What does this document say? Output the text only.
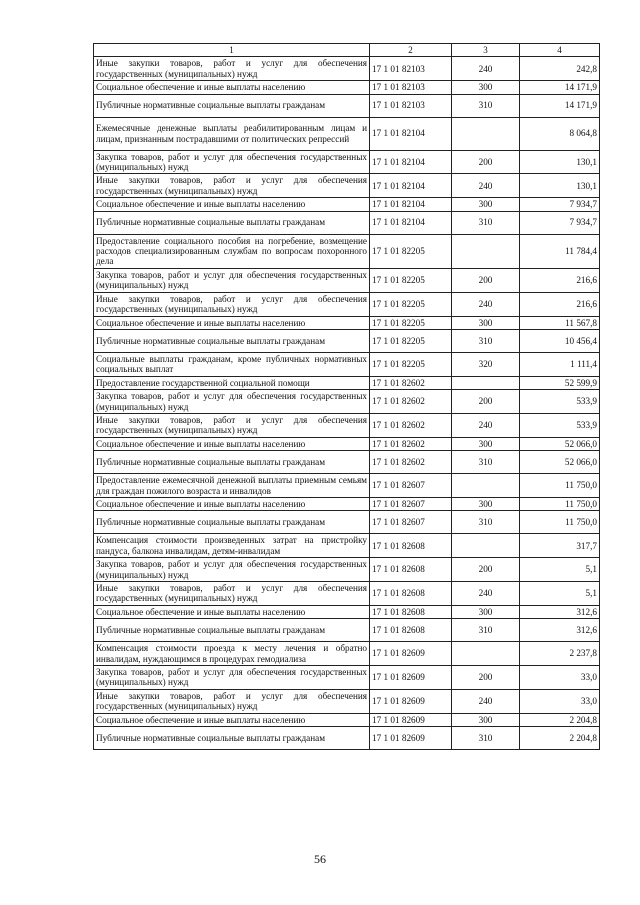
1	2	3	4
Иные закупки товаров, работ и услуг для обеспечения государственных (муниципальных) нужд	17 1 01 82103	240	242,8
Социальное обеспечение и иные выплаты населению	17 1 01 82103	300	14 171,9
Публичные нормативные социальные выплаты гражданам	17 1 01 82103	310	14 171,9
Ежемесячные денежные выплаты реабилитированным лицам и лицам, признанным пострадавшими от политических репрессий	17 1 01 82104		8 064,8
Закупка товаров, работ и услуг для обеспечения государственных (муниципальных) нужд	17 1 01 82104	200	130,1
Иные закупки товаров, работ и услуг для обеспечения государственных (муниципальных) нужд	17 1 01 82104	240	130,1
Социальное обеспечение и иные выплаты населению	17 1 01 82104	300	7 934,7
Публичные нормативные социальные выплаты гражданам	17 1 01 82104	310	7 934,7
Предоставление социального пособия на погребение, возмещение расходов специализированным службам по вопросам похоронного дела	17 1 01 82205		11 784,4
Закупка товаров, работ и услуг для обеспечения государственных (муниципальных) нужд	17 1 01 82205	200	216,6
Иные закупки товаров, работ и услуг для обеспечения государственных (муниципальных) нужд	17 1 01 82205	240	216,6
Социальное обеспечение и иные выплаты населению	17 1 01 82205	300	11 567,8
Публичные нормативные социальные выплаты гражданам	17 1 01 82205	310	10 456,4
Социальные выплаты гражданам, кроме публичных нормативных социальных выплат	17 1 01 82205	320	1 111,4
Предоставление государственной социальной помощи	17 1 01 82602		52 599,9
Закупка товаров, работ и услуг для обеспечения государственных (муниципальных) нужд	17 1 01 82602	200	533,9
Иные закупки товаров, работ и услуг для обеспечения государственных (муниципальных) нужд	17 1 01 82602	240	533,9
Социальное обеспечение и иные выплаты населению	17 1 01 82602	300	52 066,0
Публичные нормативные социальные выплаты гражданам	17 1 01 82602	310	52 066,0
Предоставление ежемесячной денежной выплаты приемным семьям для граждан пожилого возраста и инвалидов	17 1 01 82607		11 750,0
Социальное обеспечение и иные выплаты населению	17 1 01 82607	300	11 750,0
Публичные нормативные социальные выплаты гражданам	17 1 01 82607	310	11 750,0
Компенсация стоимости произведенных затрат на пристройку пандуса, балкона инвалидам, детям-инвалидам	17 1 01 82608		317,7
Закупка товаров, работ и услуг для обеспечения государственных (муниципальных) нужд	17 1 01 82608	200	5,1
Иные закупки товаров, работ и услуг для обеспечения государственных (муниципальных) нужд	17 1 01 82608	240	5,1
Социальное обеспечение и иные выплаты населению	17 1 01 82608	300	312,6
Публичные нормативные социальные выплаты гражданам	17 1 01 82608	310	312,6
Компенсация стоимости проезда к месту лечения и обратно инвалидам, нуждающимся в процедурах гемодиализа	17 1 01 82609		2 237,8
Закупка товаров, работ и услуг для обеспечения государственных (муниципальных) нужд	17 1 01 82609	200	33,0
Иные закупки товаров, работ и услуг для обеспечения государственных (муниципальных) нужд	17 1 01 82609	240	33,0
Социальное обеспечение и иные выплаты населению	17 1 01 82609	300	2 204,8
Публичные нормативные социальные выплаты гражданам	17 1 01 82609	310	2 204,8
56
